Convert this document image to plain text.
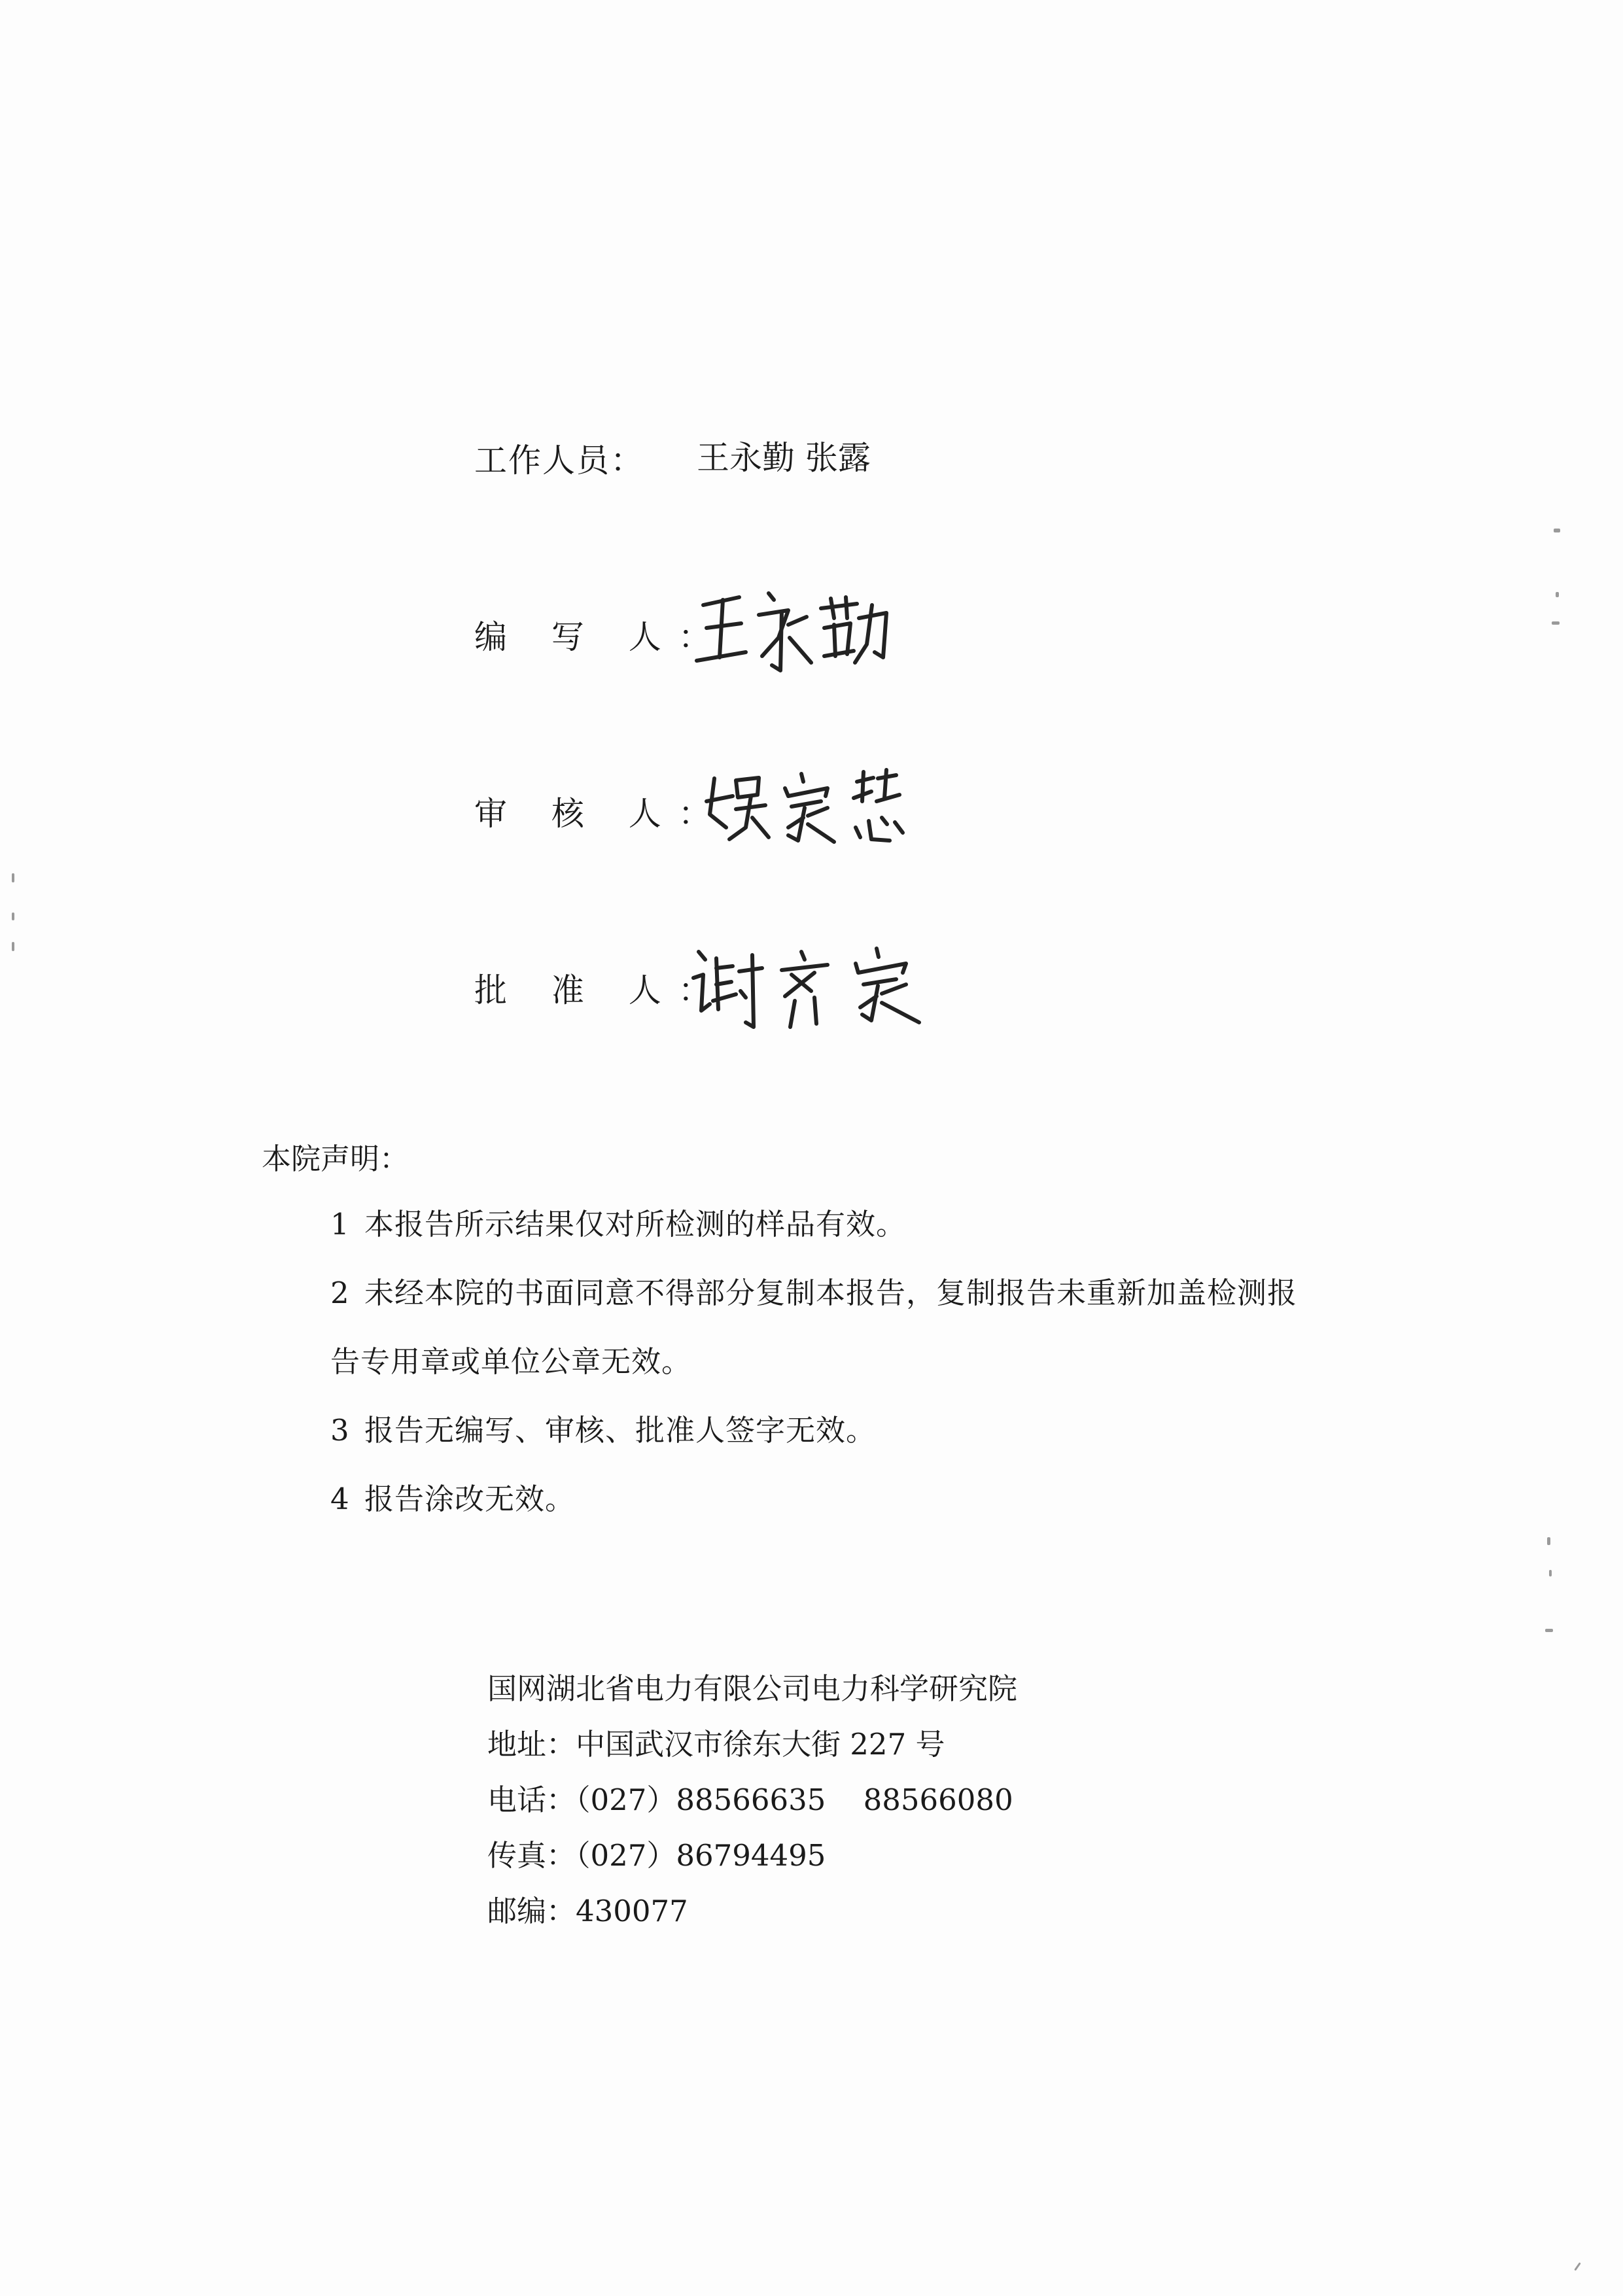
工作人员： 王永勤 张露
编 写 人：
审 核 人：
批 准 人：
本院声明：
1 本报告所示结果仅对所检测的样品有效。
2 未经本院的书面同意不得部分复制本报告，复制报告未重新加盖检测报
告专用章或单位公章无效。
3 报告无编写、审核、批准人签字无效。
4 报告涂改无效。
国网湖北省电力有限公司电力科学研究院
地址：中国武汉市徐东大街 227 号
电话：（027）88566635    88566080
传真：（027）86794495
邮编：430077
